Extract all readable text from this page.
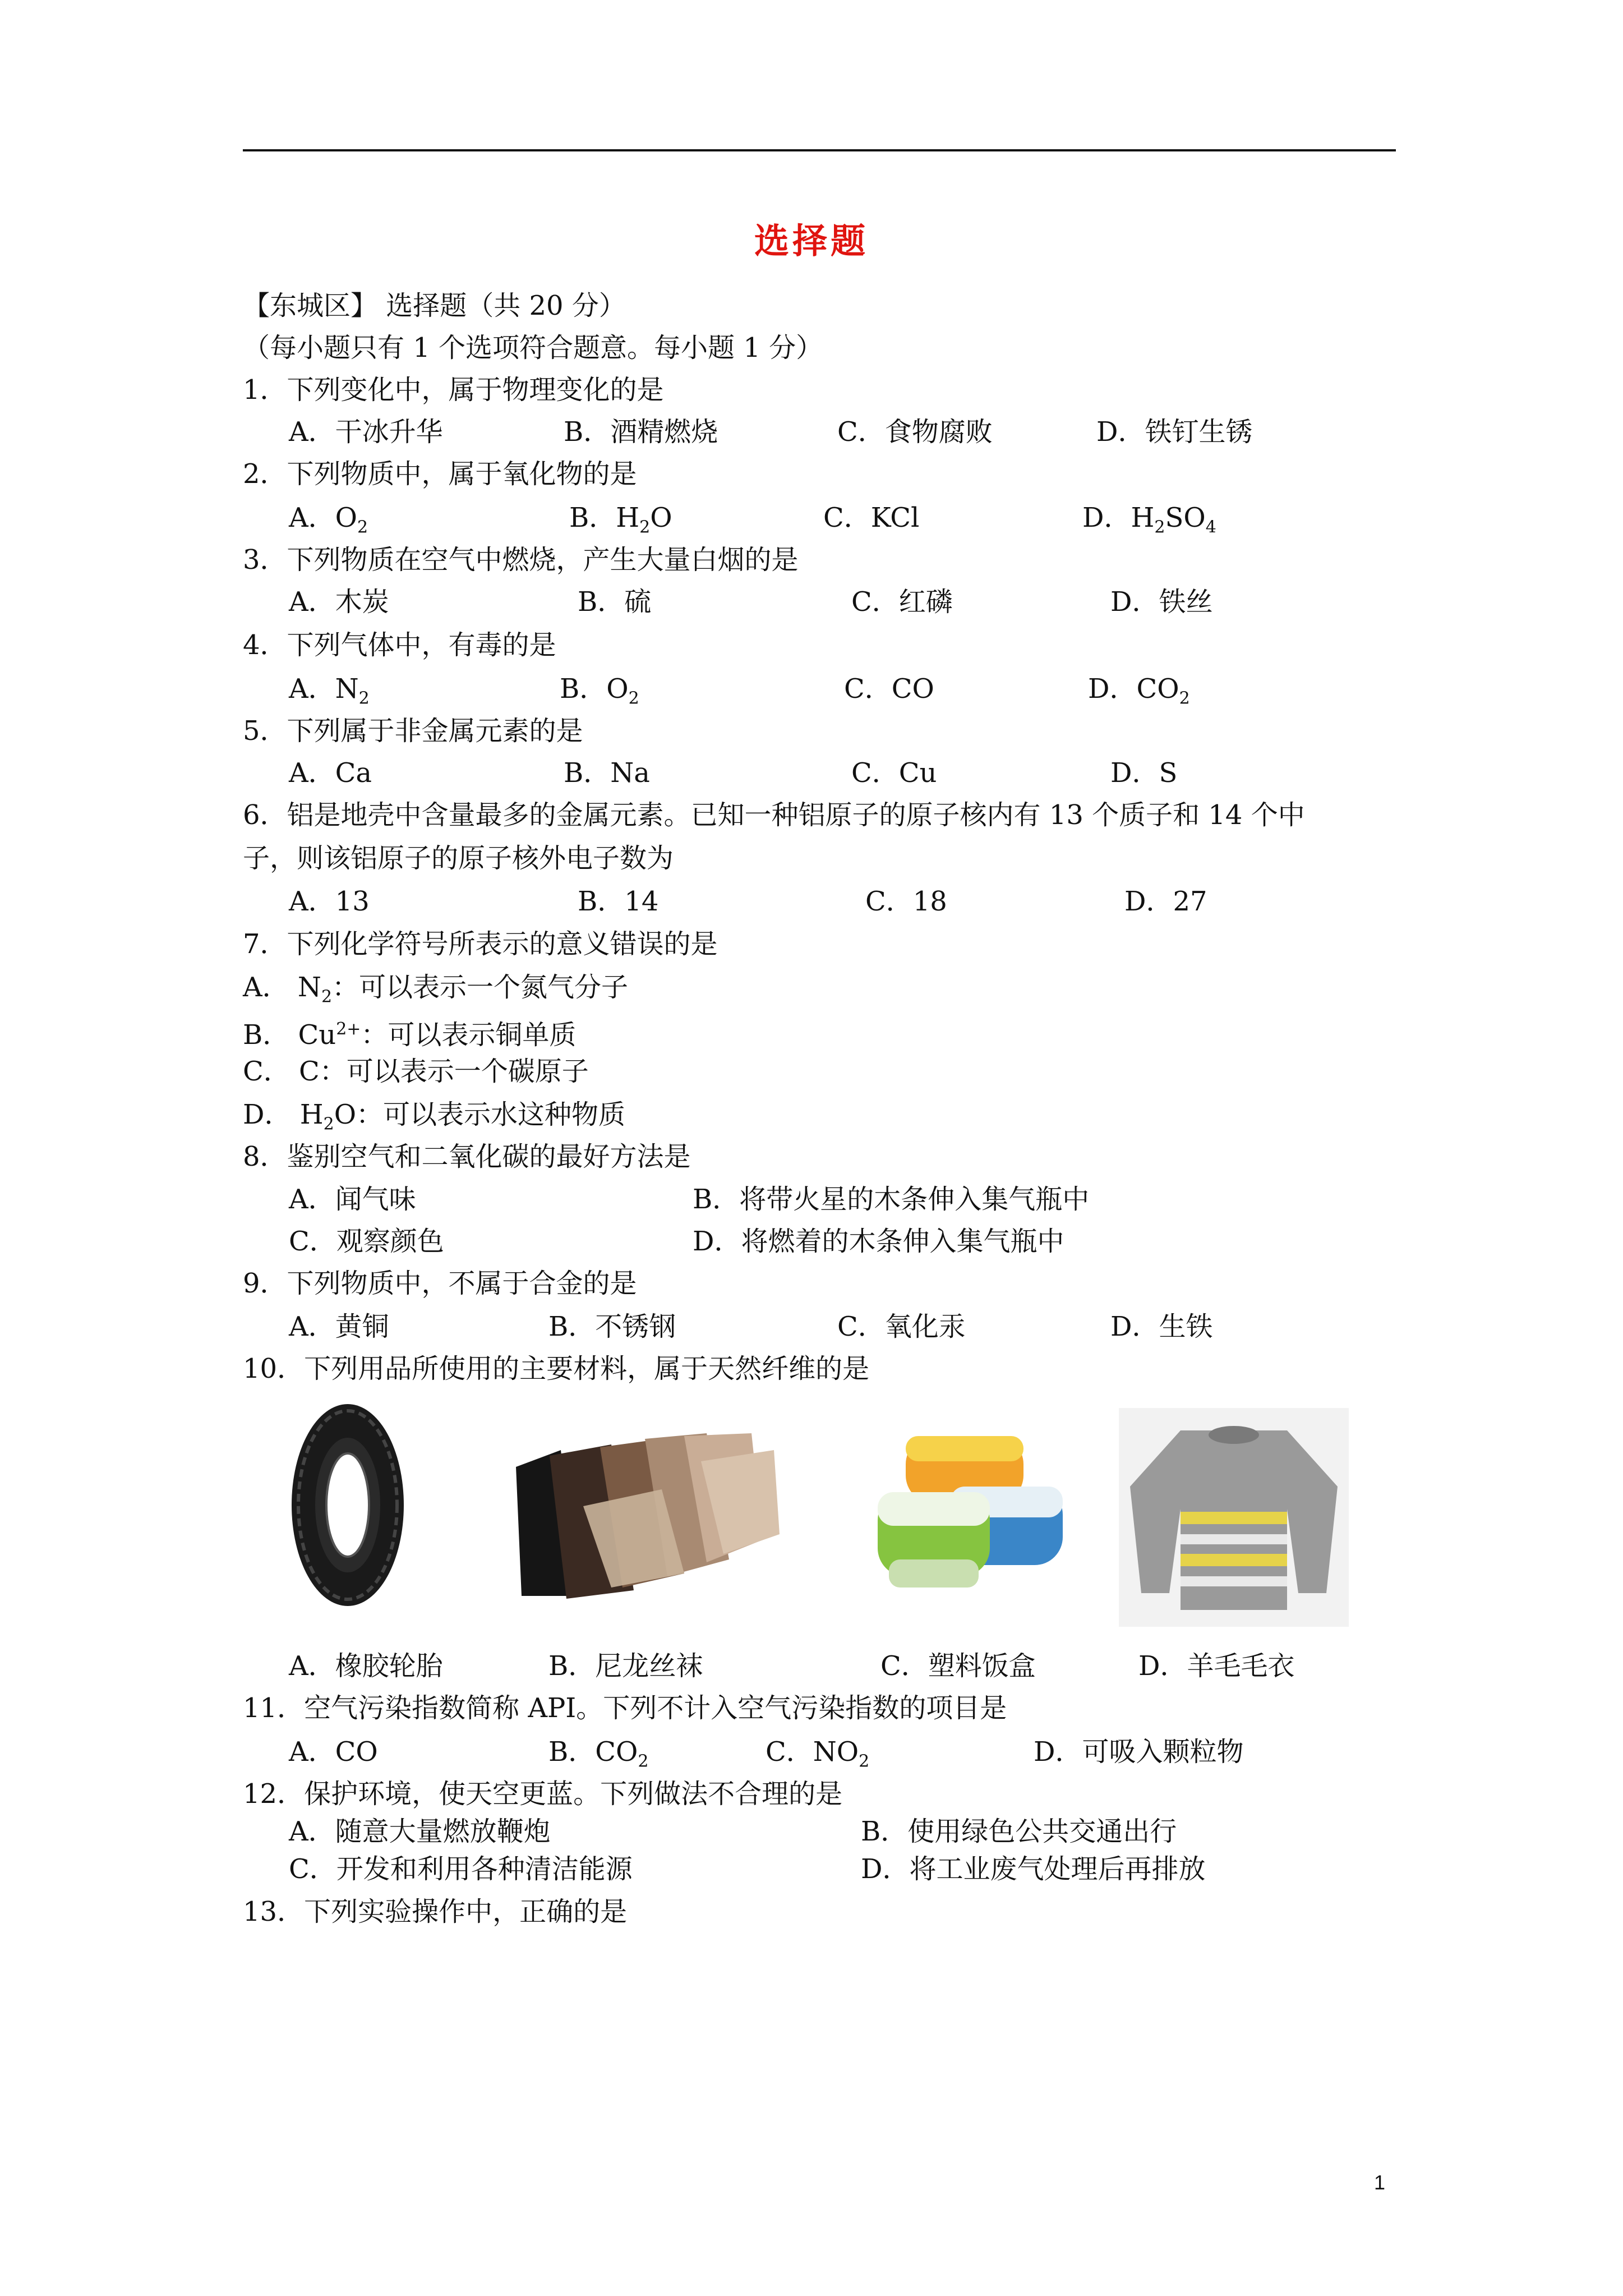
选择题
【东城区】 选择题（共 20 分）
（每小题只有 1 个选项符合题意。每小题 1 分）
1．下列变化中，属于物理变化的是
A．干冰升华	B．酒精燃烧	C．食物腐败	D．铁钉生锈
2．下列物质中，属于氧化物的是
A．$O_2$	B．$H_2O$	C．KCl	D．$H_2SO_4$
3．下列物质在空气中燃烧，产生大量白烟的是
A．木炭	B．硫	C．红磷	D．铁丝
4．下列气体中，有毒的是
A．$N_2$	B．$O_2$	C．CO	D．$CO_2$
5．下列属于非金属元素的是
A．Ca	B．Na	C．Cu	D．S
6．铝是地壳中含量最多的金属元素。已知一种铝原子的原子核内有 13 个质子和 14 个中
子，则该铝原子的原子核外电子数为
A．13	B．14	C．18	D．27
7．下列化学符号所表示的意义错误的是
A． $N_2$：可以表示一个氮气分子
B． $Cu^{2+}$：可以表示铜单质
C． C：可以表示一个碳原子
D． $H_2O$：可以表示水这种物质
8．鉴别空气和二氧化碳的最好方法是
A．闻气味	B．将带火星的木条伸入集气瓶中
C．观察颜色	D．将燃着的木条伸入集气瓶中
9．下列物质中，不属于合金的是
A．黄铜	B．不锈钢	C．氧化汞	D．生铁
10．下列用品所使用的主要材料，属于天然纤维的是
A．橡胶轮胎	B．尼龙丝袜	C．塑料饭盒	D．羊毛毛衣
11．空气污染指数简称 API。下列不计入空气污染指数的项目是
A．CO	B．$CO_2$	C．$NO_2$	D．可吸入颗粒物
12．保护环境，使天空更蓝。下列做法不合理的是
A．随意大量燃放鞭炮	B．使用绿色公共交通出行
C．开发和利用各种清洁能源	D．将工业废气处理后再排放
13．下列实验操作中，正确的是
1
